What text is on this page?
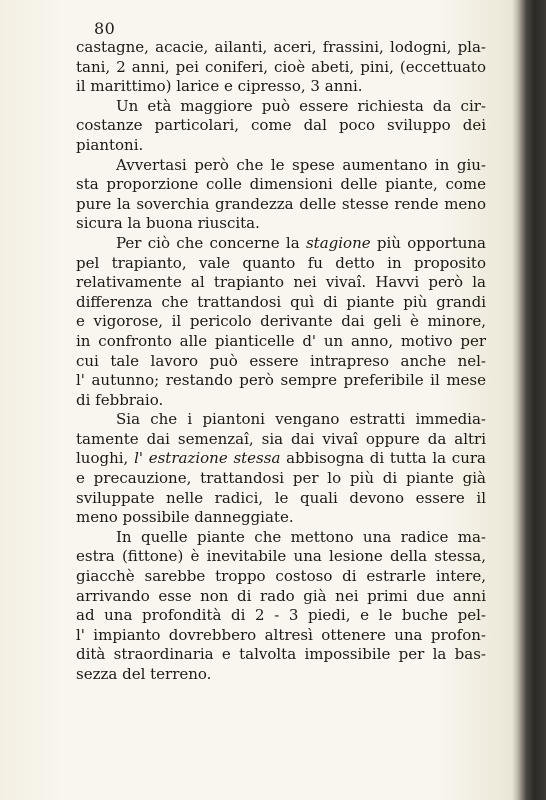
80

castagne, acacie, ailanti, aceri, frassini, lodogni, pla-
tani, 2 anni, pei coniferi, cioè abeti, pini, (eccettuato
il marittimo) larice e cipresso, 3 anni.

Un età maggiore può essere richiesta da cir-
costanze particolari, come dal poco sviluppo dei
piantoni.

Avvertasi però che le spese aumentano in giu-
sta proporzione colle dimensioni delle piante, come
pure la soverchia grandezza delle stesse rende meno
sicura la buona riuscita.

Per ciò che concerne la stagione più opportuna
pel trapianto, vale quanto fu detto in proposito
relativamente al trapianto nei vivaî. Havvi però la
differenza che trattandosi quì di piante più grandi
e vigorose, il pericolo derivante dai geli è minore,
in confronto alle pianticelle d' un anno, motivo per
cui tale lavoro può essere intrapreso anche nel-
l' autunno; restando però sempre preferibile il mese
di febbraio.

Sia che i piantoni vengano estratti immedia-
tamente dai semenzaî, sia dai vivaî oppure da altri
luoghi, l' estrazione stessa abbisogna di tutta la cura
e precauzione, trattandosi per lo più di piante già
sviluppate nelle radici, le quali devono essere il
meno possibile danneggiate.

In quelle piante che mettono una radice ma-
estra (fittone) è inevitabile una lesione della stessa,
giacchè sarebbe troppo costoso di estrarle intere,
arrivando esse non di rado già nei primi due anni
ad una profondità di 2 - 3 piedi, e le buche pel-
l' impianto dovrebbero altresì ottenere una profon-
dità straordinaria e talvolta impossibile per la bas-
sezza del terreno.
